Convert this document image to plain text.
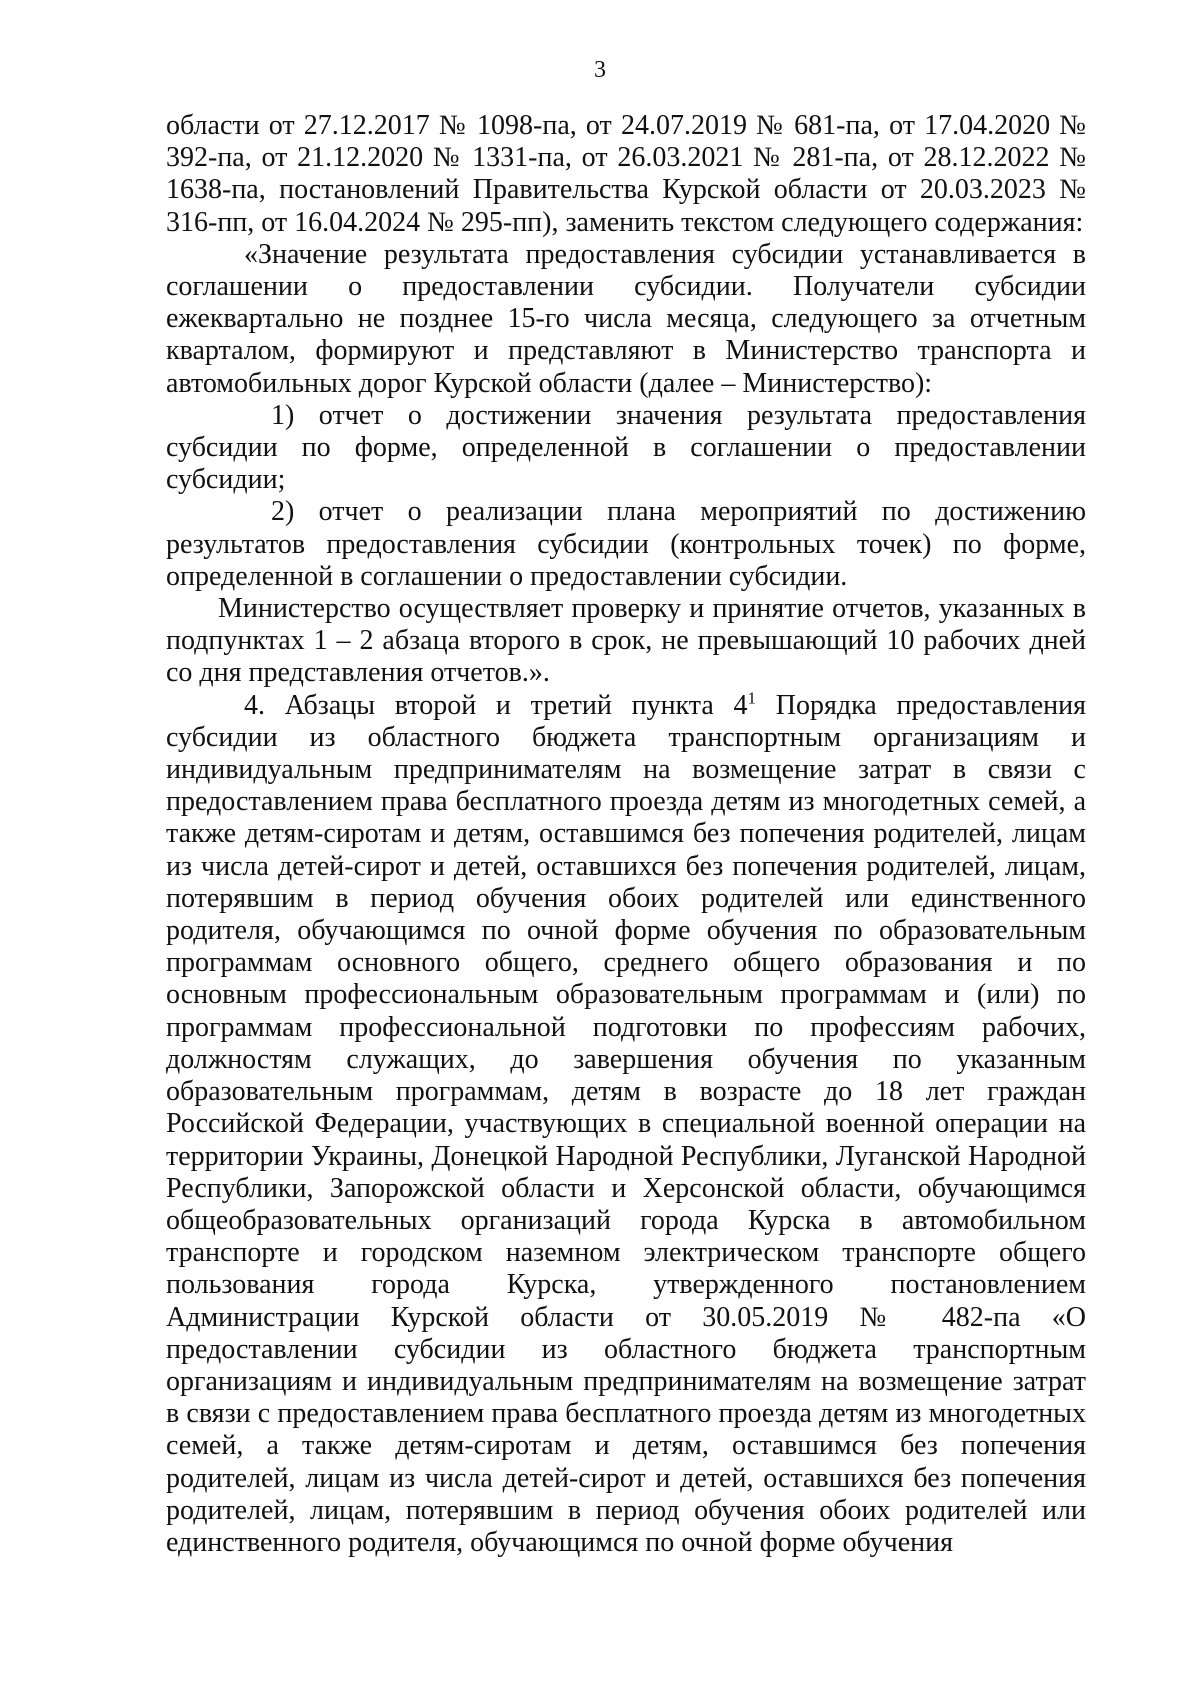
3

области от 27.12.2017 № 1098-па, от 24.07.2019 № 681-па, от 17.04.2020 № 392-па, от 21.12.2020 № 1331-па, от 26.03.2021 № 281-па, от 28.12.2022 № 1638-па, постановлений Правительства Курской области от 20.03.2023 № 316-пп, от 16.04.2024 № 295-пп), заменить текстом следующего содержания:

«Значение результата предоставления субсидии устанавливается в соглашении о предоставлении субсидии. Получатели субсидии ежеквартально не позднее 15-го числа месяца, следующего за отчетным кварталом, формируют и представляют в Министерство транспорта и автомобильных дорог Курской области (далее – Министерство):

1) отчет о достижении значения результата предоставления субсидии по форме, определенной в соглашении о предоставлении субсидии;

2) отчет о реализации плана мероприятий по достижению результатов предоставления субсидии (контрольных точек) по форме, определенной в соглашении о предоставлении субсидии.

Министерство осуществляет проверку и принятие отчетов, указанных в подпунктах 1 – 2 абзаца второго в срок, не превышающий 10 рабочих дней со дня представления отчетов.».

4. Абзацы второй и третий пункта $4^1$ Порядка предоставления субсидии из областного бюджета транспортным организациям и индивидуальным предпринимателям на возмещение затрат в связи с предоставлением права бесплатного проезда детям из многодетных семей, а также детям-сиротам и детям, оставшимся без попечения родителей, лицам из числа детей-сирот и детей, оставшихся без попечения родителей, лицам, потерявшим в период обучения обоих родителей или единственного родителя, обучающимся по очной форме обучения по образовательным программам основного общего, среднего общего образования и по основным профессиональным образовательным программам и (или) по программам профессиональной подготовки по профессиям рабочих, должностям служащих, до завершения обучения по указанным образовательным программам, детям в возрасте до 18 лет граждан Российской Федерации, участвующих в специальной военной операции на территории Украины, Донецкой Народной Республики, Луганской Народной Республики, Запорожской области и Херсонской области, обучающимся общеобразовательных организаций города Курска в автомобильном транспорте и городском наземном электрическом транспорте общего пользования города Курска, утвержденного постановлением Администрации Курской области от 30.05.2019 № 482-па «О предоставлении субсидии из областного бюджета транспортным организациям и индивидуальным предпринимателям на возмещение затрат в связи с предоставлением права бесплатного проезда детям из многодетных семей, а также детям-сиротам и детям, оставшимся без попечения родителей, лицам из числа детей-сирот и детей, оставшихся без попечения родителей, лицам, потерявшим в период обучения обоих родителей или единственного родителя, обучающимся по очной форме обучения
